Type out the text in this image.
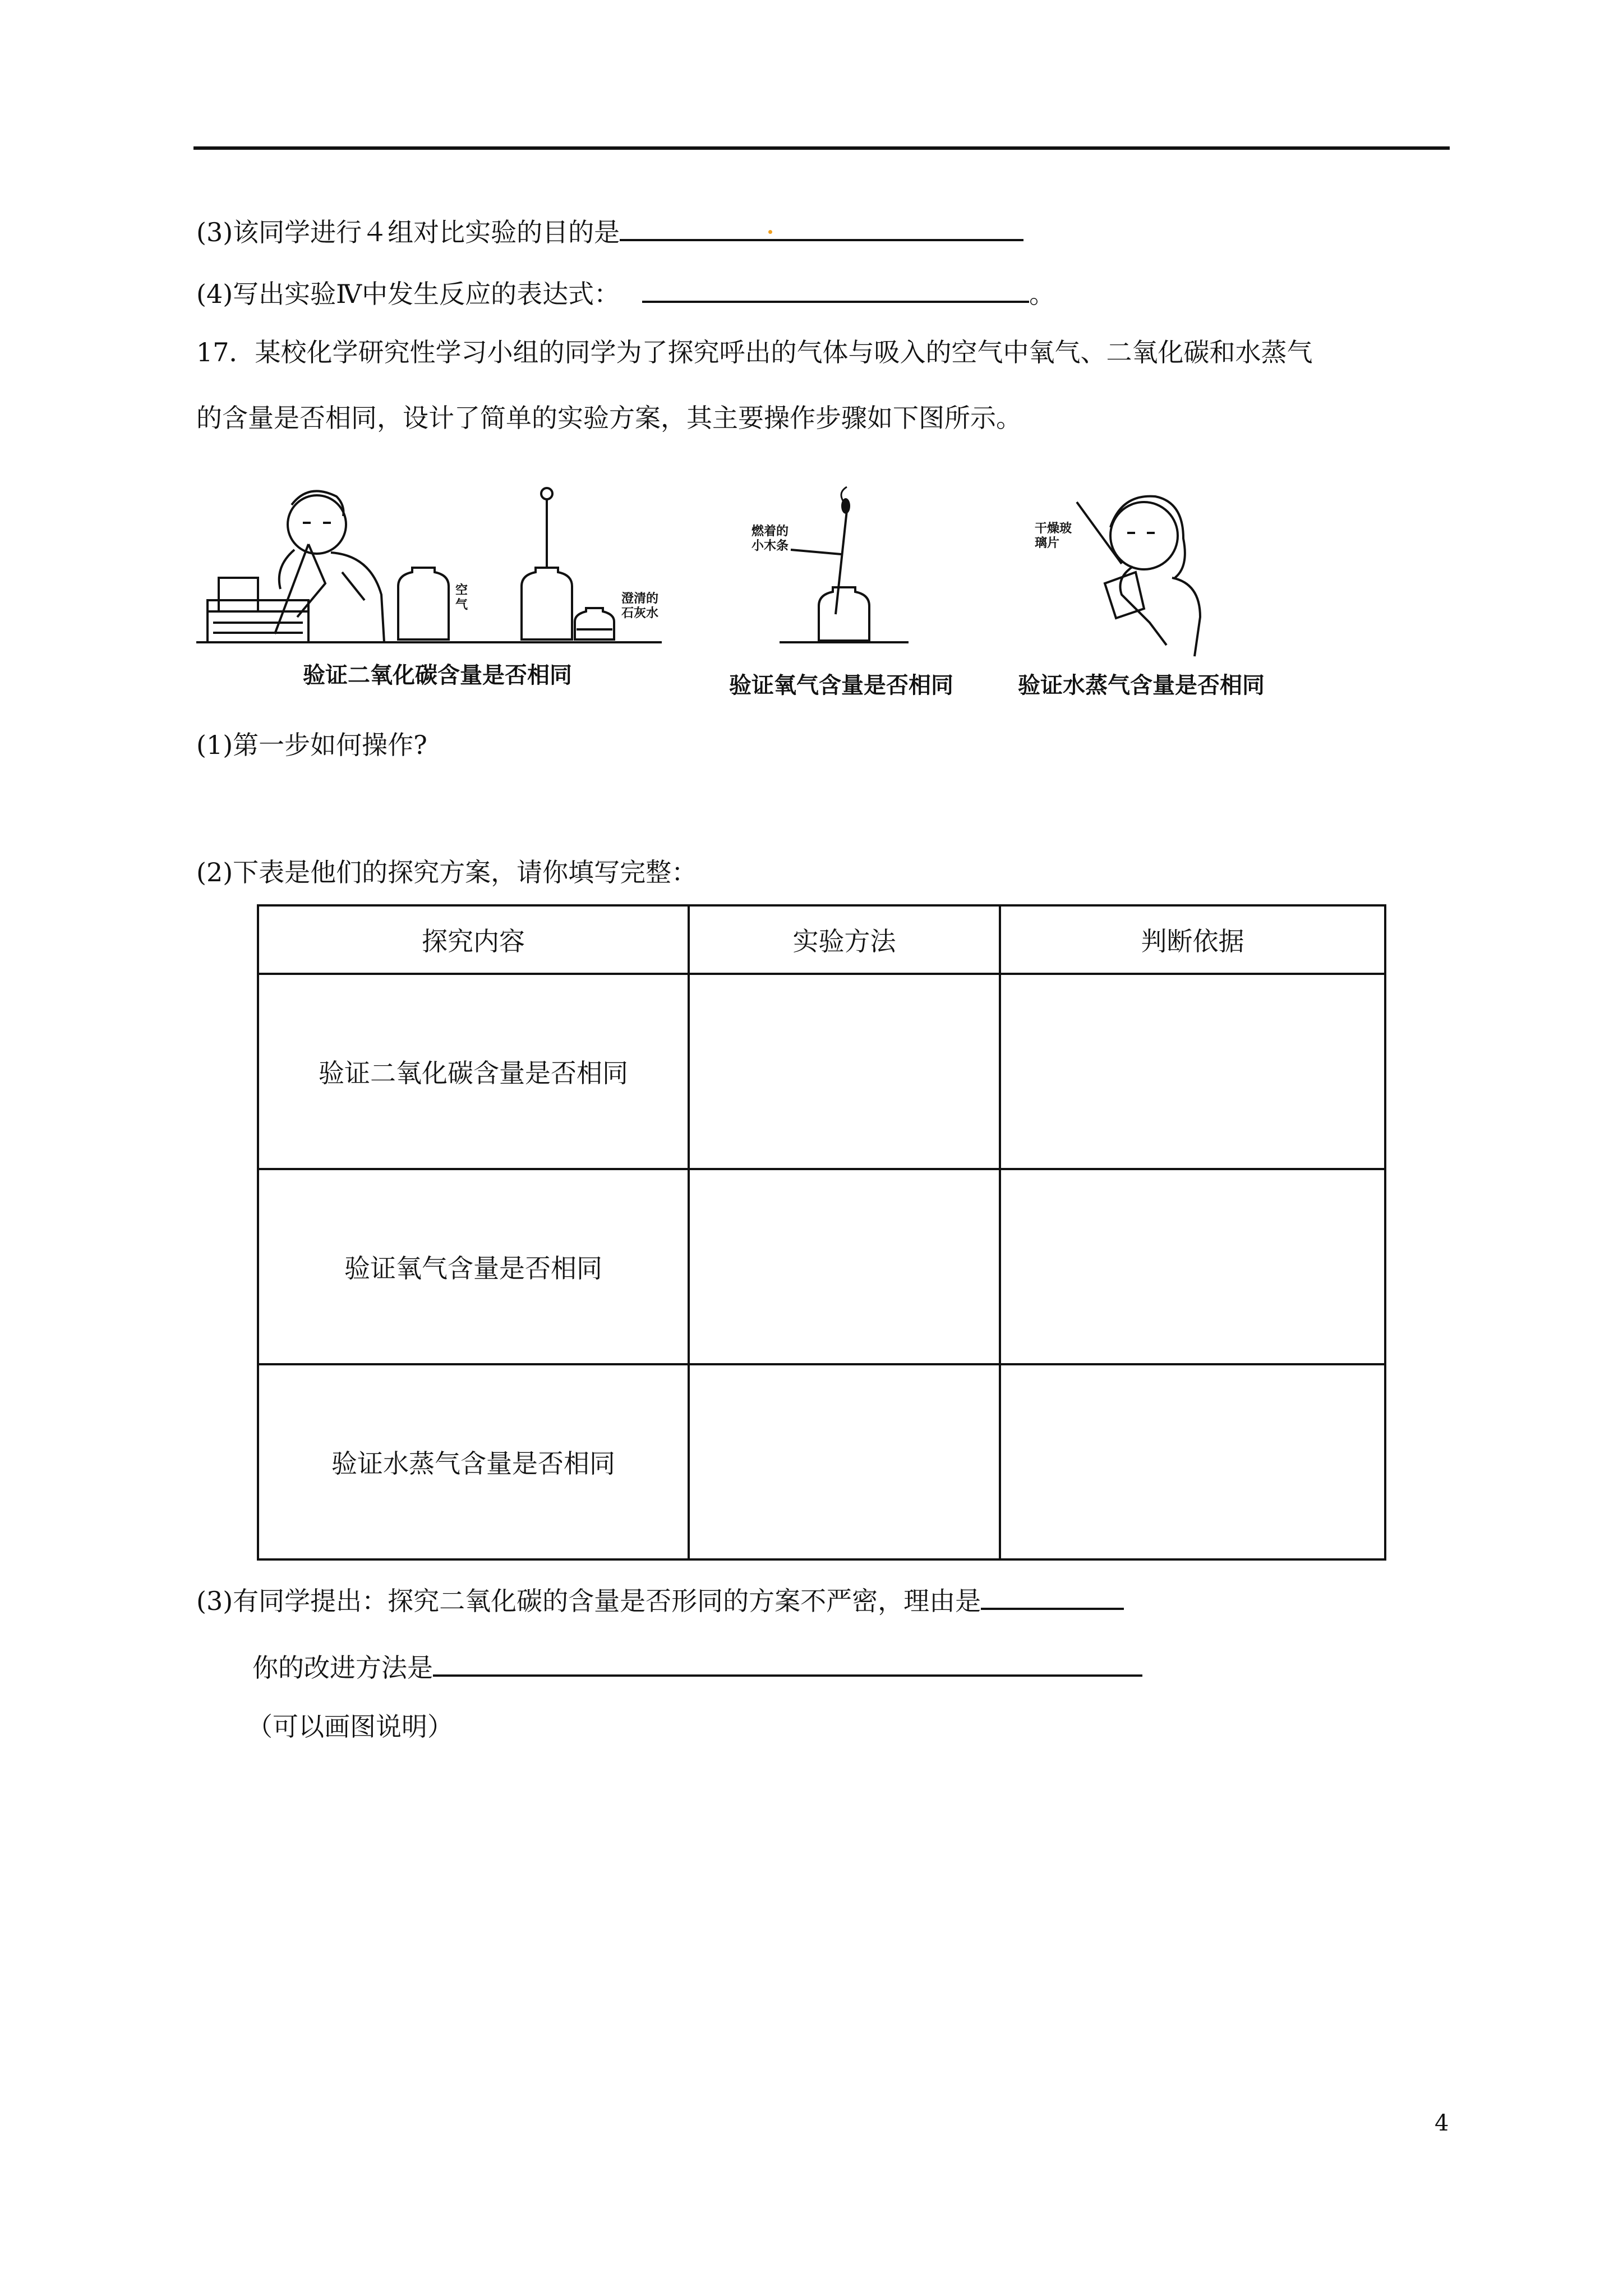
(3)该同学进行４组对比实验的目的是
(4)写出实验Ⅳ中发生反应的表达式：	。
17．某校化学研究性学习小组的同学为了探究呼出的气体与吸入的空气中氧气、二氧化碳和水蒸气
的含量是否相同，设计了简单的实验方案，其主要操作步骤如下图所示。
空气	澄清的石灰水
燃着的小木条
干燥玻璃片
验证二氧化碳含量是否相同	验证氧气含量是否相同	验证水蒸气含量是否相同
(1)第一步如何操作?
(2)下表是他们的探究方案，请你填写完整：
探究内容	实验方法	判断依据
验证二氧化碳含量是否相同		
验证氧气含量是否相同		
验证水蒸气含量是否相同		
(3)有同学提出：探究二氧化碳的含量是否形同的方案不严密，理由是
你的改进方法是
（可以画图说明）
4
